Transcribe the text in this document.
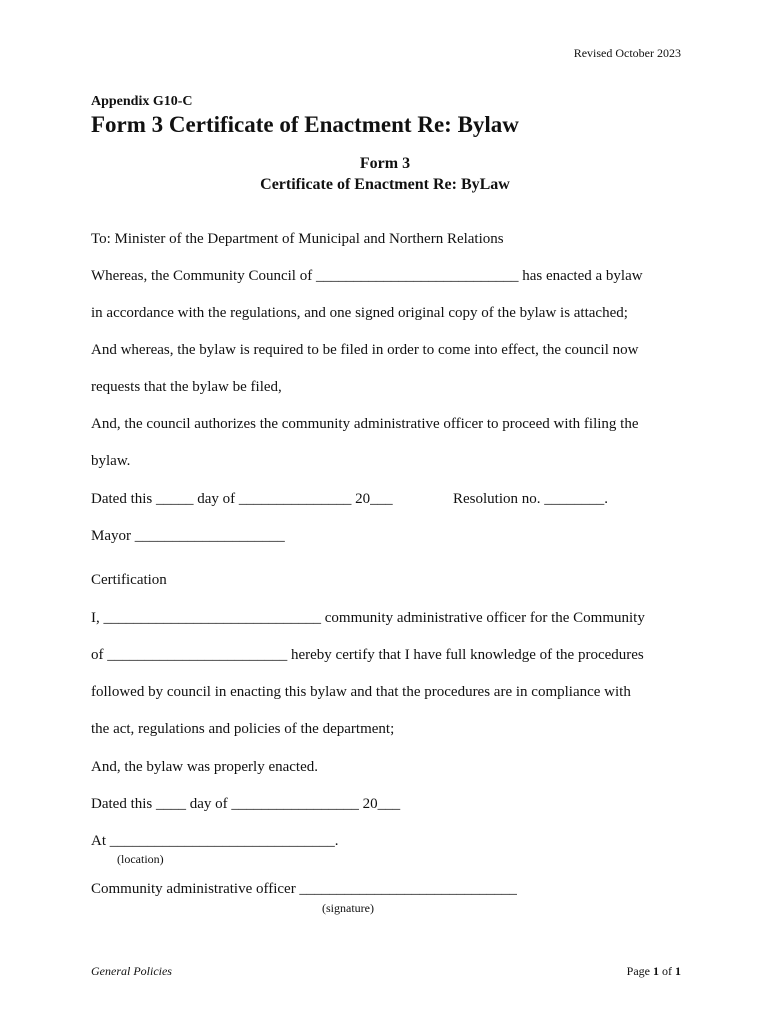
Revised October 2023
Appendix G10-C
Form 3 Certificate of Enactment Re: Bylaw
Form 3
Certificate of Enactment Re: ByLaw
To: Minister of the Department of Municipal and Northern Relations
Whereas, the Community Council of ___________________________ has enacted a bylaw
in accordance with the regulations, and one signed original copy of the bylaw is attached;
And whereas, the bylaw is required to be filed in order to come into effect, the council now
requests that the bylaw be filed,
And, the council authorizes the community administrative officer to proceed with filing the
bylaw.
Dated this _____ day of _______________ 20___	Resolution no. ________.
Mayor ____________________
Certification
I, _____________________________ community administrative officer for the Community
of ________________________ hereby certify that I have full knowledge of the procedures
followed by council in enacting this bylaw and that the procedures are in compliance with
the act, regulations and policies of the department;
And, the bylaw was properly enacted.
Dated this ____ day of _________________ 20___
At ______________________________.
(location)
Community administrative officer _____________________________
(signature)
General Policies	Page 1 of 1
